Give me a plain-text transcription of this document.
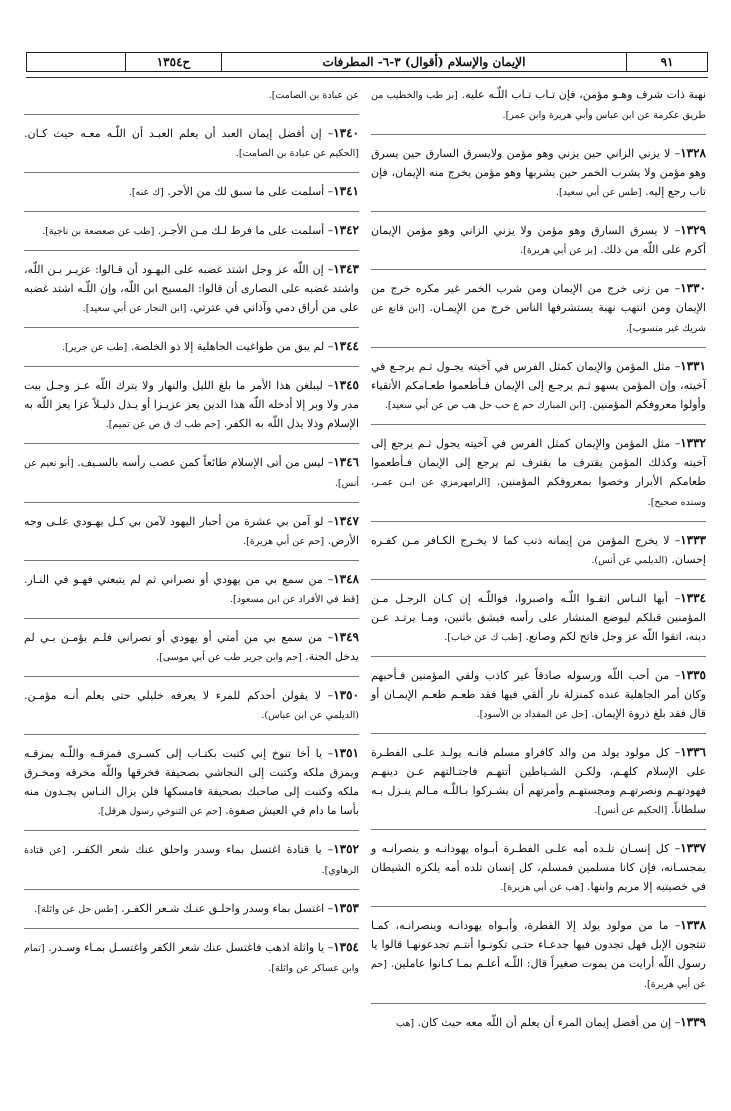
٩١
الإيمان والإسلام (أقوال) ٣-٦- المطرفات
ح١٣٥٤
نهبة ذات شرف وهـو مؤمن، فإن تـاب تـاب اللّـه عليه. [بز طب والخطيب من طريق عكرمة عن ابن عباس وأبي هريرة وابن عمر].
١٣٢٨– لا يزني الزاني حين يزني وهو مؤمن ولايسرق السارق حين يسرق وهو مؤمن ولا يشرب الخمر حين يشربها وهو مؤمن يخرج منه الإيمان، فإن تاب رجع إليه. [طس عن أبي سعيد].
١٣٢٩– لا يسرق السارق وهو مؤمن ولا يزني الزاني وهو مؤمن الإيمان أكرم على اللّه من ذلك. [بز عن أبي هريرة].
١٣٣٠– من زنى خرج من الإيمان ومن شرب الخمر غير مكره خرج من الإيمان ومن انتهب نهبة يستشرفها الناس خرج من الإيمـان. [ابن قانع عن شريك غير منسوب].
١٣٣١– مثل المؤمن والإيمان كمثل الفرس في آخيته يجـول ثـم يرجـع في آخيته، وإن المؤمن يسهو ثـم يرجـع إلى الإيمان فـأطعموا طعـامكم الأتقياء وأولوا معروفكم المؤمنين. [ابن المبارك حم ع حب حل هب ص عن أبي سعيد].
١٣٣٢– مثل المؤمن والإيمان كمثل الفرس في آخيته يجول ثـم يرجع إلى آخيته وكذلك المؤمن يقترف ما يقترف ثم يرجع إلى الإيمان فـأطعموا طعامكم الأبرار وخصوا بمعروفكم المؤمنين. [الرامهرمزي عن ابـن عمـر، وسنده صحيح].
١٣٣٣– لا يخرج المؤمن من إيمانه ذنب كما لا يخـرج الكـافر مـن كفـره إحسان. (الديلمي عن أنس).
١٣٣٤– أيها النـاس اتقـوا اللّـه واصبروا، فواللّـه إن كـان الرجـل مـن المؤمنين قبلكم ليوضع المنشار على رأسه فيشق باثنين، ومـا يرتـد عـن دينه، اتقوا اللّه عز وجل فاتح لكم وصانع. [طب ك عن خباب].
١٣٣٥– من أحب اللّه ورسوله صادقاً غير كاذب ولقي المؤمنين فـأحبهم وكان أمر الجاهلية عنده كمنزلة نار ألقي فيها فقد طعـم طعـم الإيمـان أو قال فقد بلغ ذروة الإيمان. [حل عن المقداد بن الأسود].
١٣٣٦– كل مولود يولد من والد كافراو مسلم فانـه يولـد علـى الفطـرة على الإسلام كلهـم، ولكـن الشـياطين أتتهـم فاجتـالتهم عـن دينهـم فهودتهـم ونصرتهـم ومجستهـم وأمرتهم أن يشـركوا بـاللّـه مـالم ينـزل بـه سلطاناً. [الحكيم عن أنس].
١٣٣٧– كل إنسـان تلـده أمه علـى الفطـرة أبـواه يهودانـه و ينصرانـه و يمجسـانه، فإن كانا مسلمين فمسلم، كل إنسان تلده أمه يلكزه الشيطان في خصيتيه إلا مريم وابنها. [هب عن أبي هريرة].
١٣٣٨– ما من مولود يولد إلا الفطرة، وأبـواه يهودانـه وينصرانـه، كمـا تنتجون الإبل فهل تجدون فيها جدعـاء حتـى تكونـوا أنتـم تجدعونهـا قالوا يا رسول اللّه أرايت من يموت صغيراً قال: اللّـه أعلـم بمـا كـانوا عاملين. [حم عن أبي هريرة].
١٣٣٩– إن من أفضل إيمان المرء أن يعلم أن اللّه معه حيث كان. [هب
عن عبادة بن الصامت].
١٣٤٠– إن أفضل إيمان العبد أن يعلم العبـد أن اللّـه معـه حيث كـان. [الحكيم عن عبادة بن الصامت].
١٣٤١– أسلمت على ما سبق لك من الأجر. [ك عنه].
١٣٤٢– أسلمت على ما فرط لـك مـن الأجـر. [طب عن صعصعة بن ناجية].
١٣٤٣– إن اللّه عز وجل اشتد غضبه على اليهـود أن قـالوا: عزيـر بـن اللّه، واشتد غضبه على النصارى أن قالوا: المسيح ابن اللّه، وإن اللّـه اشتد غضبه على من أراق دمي وآذاني في عترتي. [ابن النجار عن أبي سعيد].
١٣٤٤– لم يبق من طواغيت الجاهلية إلا ذو الخلصة. [طب عن جرير].
١٣٤٥– ليبلغن هذا الأمر ما بلغ الليل والنهار ولا يترك اللّه عـز وجـل بيت مدر ولا وبر إلا أدخله اللّه هذا الدين يعز عزيـزا أو يـذل ذليـلاً عزا يعز اللّه به الإسلام وذلا يذل اللّه به الكفر. [حم طب ك ق ص عن تميم].
١٣٤٦– ليس من أتى الإسلام طائعاً كمن عصب رأسه بالسـيف. [أبو نعيم عن أنس].
١٣٤٧– لو آمن بي عشرة من أحبار اليهود لآمن بي كـل يهـودي علـى وجه الأرض. [حم عن أبي هريرة].
١٣٤٨– من سمع بي من يهودي أو نصراني ثم لم يتبعني فهـو في النـار. [قط في الأفراد عن ابن مسعود].
١٣٤٩– من سمع بي من أمتي أو يهودي أو نصراني فلـم يؤمـن بـي لم يدخل الجنة. [حم وابن جرير طب عن أبي موسى].
١٣٥٠– لا يقولن أحدكم للمرء لا يعرفه خليلي حتى يعلم أنـه مؤمـن. (الديلمي عن ابن عباس).
١٣٥١– يا أخا تنوخ إني كتبت بكتـاب إلى كسـرى فمزقـه واللّـه يمزقـه ويمزق ملكه وكتبت إلى النجاشي بصحيفة فخرقها واللّه مخرقه ومخـرق ملكه وكتبت إلى صاحبك بصحيفة فامسكها فلن يزال النـاس يجـدون منه بأسا ما دام في العيش صفوة. [حم عن التنوخي رسول هرقل].
١٣٥٢– يا قتادة اغتسل بماء وسدر واحلق عنك شعر الكفـر. [عن قتادة الرهاوي].
١٣٥٣– اغتسل بماء وسدر واحلـق عنـك شـعر الكفـر. [طس حل عن واثلة].
١٣٥٤– يا واثلة اذهب فاغتسل عنك شعر الكفر واغتسـل بمـاء وسـدر. [تمام وابن عساكر عن واثلة].
